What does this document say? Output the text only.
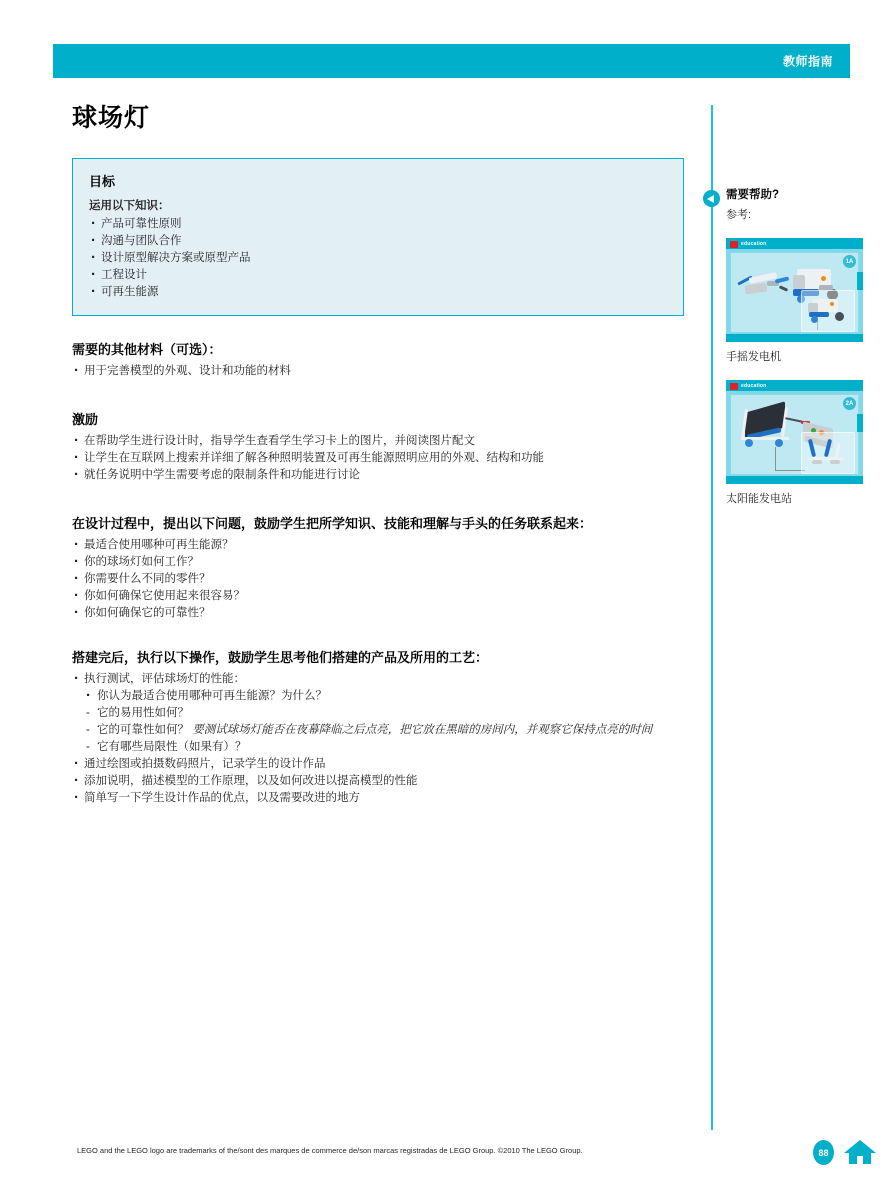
教师指南
球场灯
目标
运用以下知识：
· 产品可靠性原则
· 沟通与团队合作
· 设计原型解决方案或原型产品
· 工程设计
· 可再生能源
需要的其他材料（可选）：
· 用于完善模型的外观、设计和功能的材料
激励
· 在帮助学生进行设计时，指导学生查看学生学习卡上的图片，并阅读图片配文
· 让学生在互联网上搜索并详细了解各种照明装置及可再生能源照明应用的外观、结构和功能
· 就任务说明中学生需要考虑的限制条件和功能进行讨论
在设计过程中，提出以下问题，鼓励学生把所学知识、技能和理解与手头的任务联系起来：
· 最适合使用哪种可再生能源？
· 你的球场灯如何工作？
· 你需要什么不同的零件？
· 你如何确保它使用起来很容易？
· 你如何确保它的可靠性？
搭建完后，执行以下操作，鼓励学生思考他们搭建的产品及所用的工艺：
· 执行测试，评估球场灯的性能：
· 你认为最适合使用哪种可再生能源？为什么？
- 它的易用性如何？
- 它的可靠性如何？ 要测试球场灯能否在夜幕降临之后点亮，把它放在黑暗的房间内，并观察它保持点亮的时间
- 它有哪些局限性（如果有）？
· 通过绘图或拍摄数码照片，记录学生的设计作品
· 添加说明，描述模型的工作原理，以及如何改进以提高模型的性能
· 简单写一下学生设计作品的优点，以及需要改进的地方
需要帮助?
参考:
education
1A
手摇发电机
education
2A
太阳能发电站
LEGO and the LEGO logo are trademarks of the/sont des marques de commerce de/son marcas registradas de LEGO Group. ©2010 The LEGO Group.	88
